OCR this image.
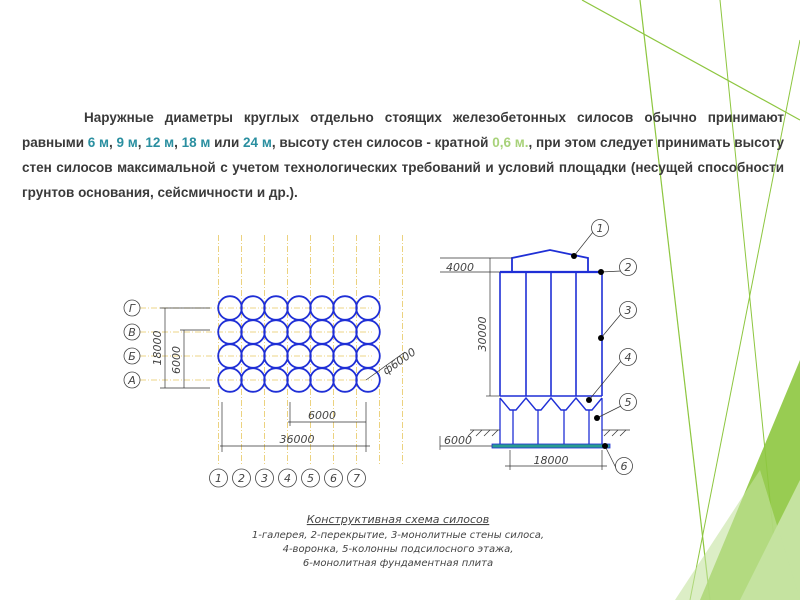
Наружные диаметры круглых отдельно стоящих железобетонных силосов обычно принимают равными 6 м, 9 м, 12 м, 18 м или 24 м, высоту стен силосов - кратной 0,6 м., при этом следует принимать высоту стен силосов максимальной с учетом технологических требований и условий площадки (несущей способности грунтов основания, сейсмичности и др.).

Г
В
Б
А
1 2 3 4 5 6 7
18000 6000	ф6000
6000
36000
4000
30000
6000
18000
1
2
3
4
5
6
Конструктивная схема силосов
1-галерея, 2-перекрытие, 3-монолитные стены силоса,
4-воронка, 5-колонны подсилосного этажа,
6-монолитная фундаментная плита
